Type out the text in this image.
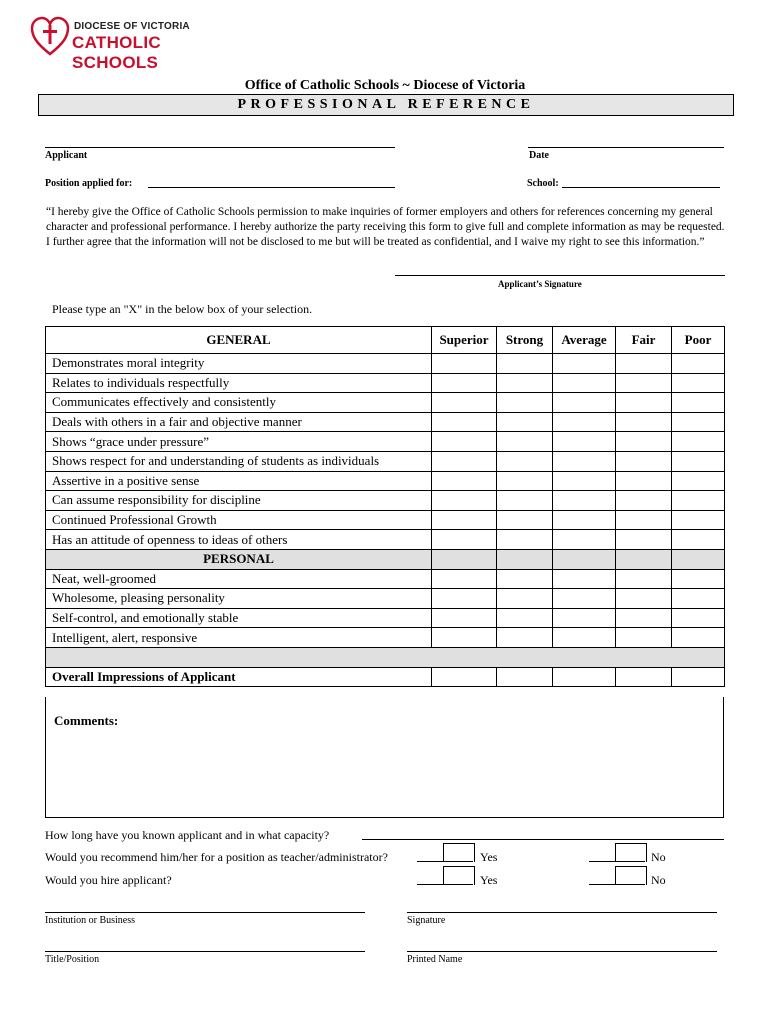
DIOCESE OF VICTORIA
CATHOLIC SCHOOLS
Office of Catholic Schools ~ Diocese of Victoria
PROFESSIONAL REFERENCE
Applicant	Date
Position applied for:	School:
“I hereby give the Office of Catholic Schools permission to make inquiries of former employers and others for references concerning my general character and professional performance. I hereby authorize the party receiving this form to give full and complete information as may be requested. I further agree that the information will not be disclosed to me but will be treated as confidential, and I waive my right to see this information.”
Applicant’s Signature
Please type an "X" in the below box of your selection.
GENERAL	Superior	Strong	Average	Fair	Poor
Demonstrates moral integrity					
Relates to individuals respectfully					
Communicates effectively and consistently					
Deals with others in a fair and objective manner					
Shows “grace under pressure”					
Shows respect for and understanding of students as individuals					
Assertive in a positive sense					
Can assume responsibility for discipline					
Continued Professional Growth					
Has an attitude of openness to ideas of others					
PERSONAL					
Neat, well-groomed					
Wholesome, pleasing personality					
Self-control, and emotionally stable					
Intelligent, alert, responsive					

Overall Impressions of Applicant					
Comments:
How long have you known applicant and in what capacity?
Would you recommend him/her for a position as teacher/administrator?	Yes	No
Would you hire applicant?	Yes	No
Institution or Business	Signature
Title/Position	Printed Name
